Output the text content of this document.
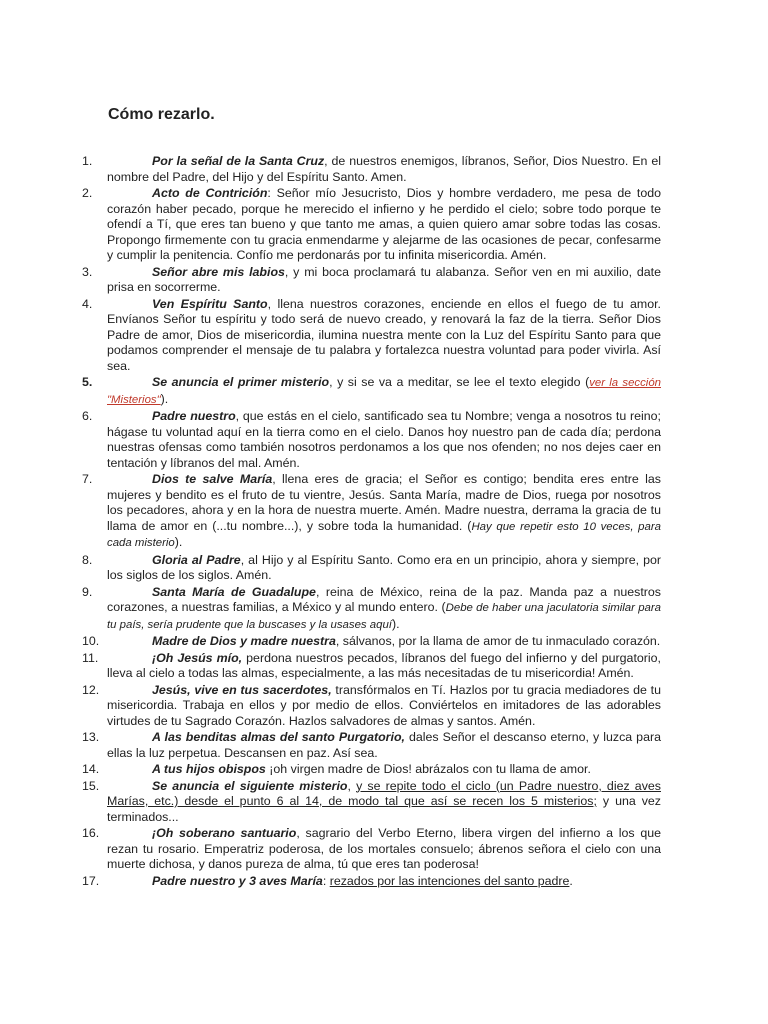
Cómo rezarlo.
1.	Por la señal de la Santa Cruz, de nuestros enemigos, líbranos, Señor, Dios Nuestro. En el nombre del Padre, del Hijo y del Espíritu Santo. Amen.
2.	Acto de Contrición: Señor mío Jesucristo, Dios y hombre verdadero, me pesa de todo corazón haber pecado, porque he merecido el infierno y he perdido el cielo; sobre todo porque te ofendí a Tí, que eres tan bueno y que tanto me amas, a quien quiero amar sobre todas las cosas. Propongo firmemente con tu gracia enmendarme y alejarme de las ocasiones de pecar, confesarme y cumplir la penitencia. Confío me perdonarás por tu infinita misericordia. Amén.
3.	Señor abre mis labios, y mi boca proclamará tu alabanza. Señor ven en mi auxilio, date prisa en socorrerme.
4.	Ven Espíritu Santo, llena nuestros corazones, enciende en ellos el fuego de tu amor. Envíanos Señor tu espíritu y todo será de nuevo creado, y renovará la faz de la tierra. Señor Dios Padre de amor, Dios de misericordia, ilumina nuestra mente con la Luz del Espíritu Santo para que podamos comprender el mensaje de tu palabra y fortalezca nuestra voluntad para poder vivirla. Así sea.
5.	Se anuncia el primer misterio, y si se va a meditar, se lee el texto elegido (ver la sección "Misterios").
6.	Padre nuestro, que estás en el cielo, santificado sea tu Nombre; venga a nosotros tu reino; hágase tu voluntad aquí en la tierra como en el cielo. Danos hoy nuestro pan de cada día; perdona nuestras ofensas como también nosotros perdonamos a los que nos ofenden; no nos dejes caer en tentación y líbranos del mal. Amén.
7.	Dios te salve María, llena eres de gracia; el Señor es contigo; bendita eres entre las mujeres y bendito es el fruto de tu vientre, Jesús. Santa María, madre de Dios, ruega por nosotros los pecadores, ahora y en la hora de nuestra muerte. Amén. Madre nuestra, derrama la gracia de tu llama de amor en (...tu nombre...), y sobre toda la humanidad. (Hay que repetir esto 10 veces, para cada misterio).
8.	Gloria al Padre, al Hijo y al Espíritu Santo. Como era en un principio, ahora y siempre, por los siglos de los siglos. Amén.
9.	Santa María de Guadalupe, reina de México, reina de la paz. Manda paz a nuestros corazones, a nuestras familias, a México y al mundo entero. (Debe de haber una jaculatoria similar para tu país, sería prudente que la buscases y la usases aquí).
10.	Madre de Dios y madre nuestra, sálvanos, por la llama de amor de tu inmaculado corazón.
11.	¡Oh Jesús mío, perdona nuestros pecados, líbranos del fuego del infierno y del purgatorio, lleva al cielo a todas las almas, especialmente, a las más necesitadas de tu misericordia! Amén.
12.	Jesús, vive en tus sacerdotes, transfórmalos en Tí. Hazlos por tu gracia mediadores de tu misericordia. Trabaja en ellos y por medio de ellos. Conviértelos en imitadores de las adorables virtudes de tu Sagrado Corazón. Hazlos salvadores de almas y santos. Amén.
13.	A las benditas almas del santo Purgatorio, dales Señor el descanso eterno, y luzca para ellas la luz perpetua. Descansen en paz. Así sea.
14.	A tus hijos obispos ¡oh virgen madre de Dios! abrázalos con tu llama de amor.
15.	Se anuncia el siguiente misterio, y se repite todo el ciclo (un Padre nuestro, diez aves Marías, etc.) desde el punto 6 al 14, de modo tal que así se recen los 5 misterios; y una vez terminados...
16.	¡Oh soberano santuario, sagrario del Verbo Eterno, libera virgen del infierno a los que rezan tu rosario. Emperatriz poderosa, de los mortales consuelo; ábrenos señora el cielo con una muerte dichosa, y danos pureza de alma, tú que eres tan poderosa!
17.	Padre nuestro y 3 aves María: rezados por las intenciones del santo padre.
